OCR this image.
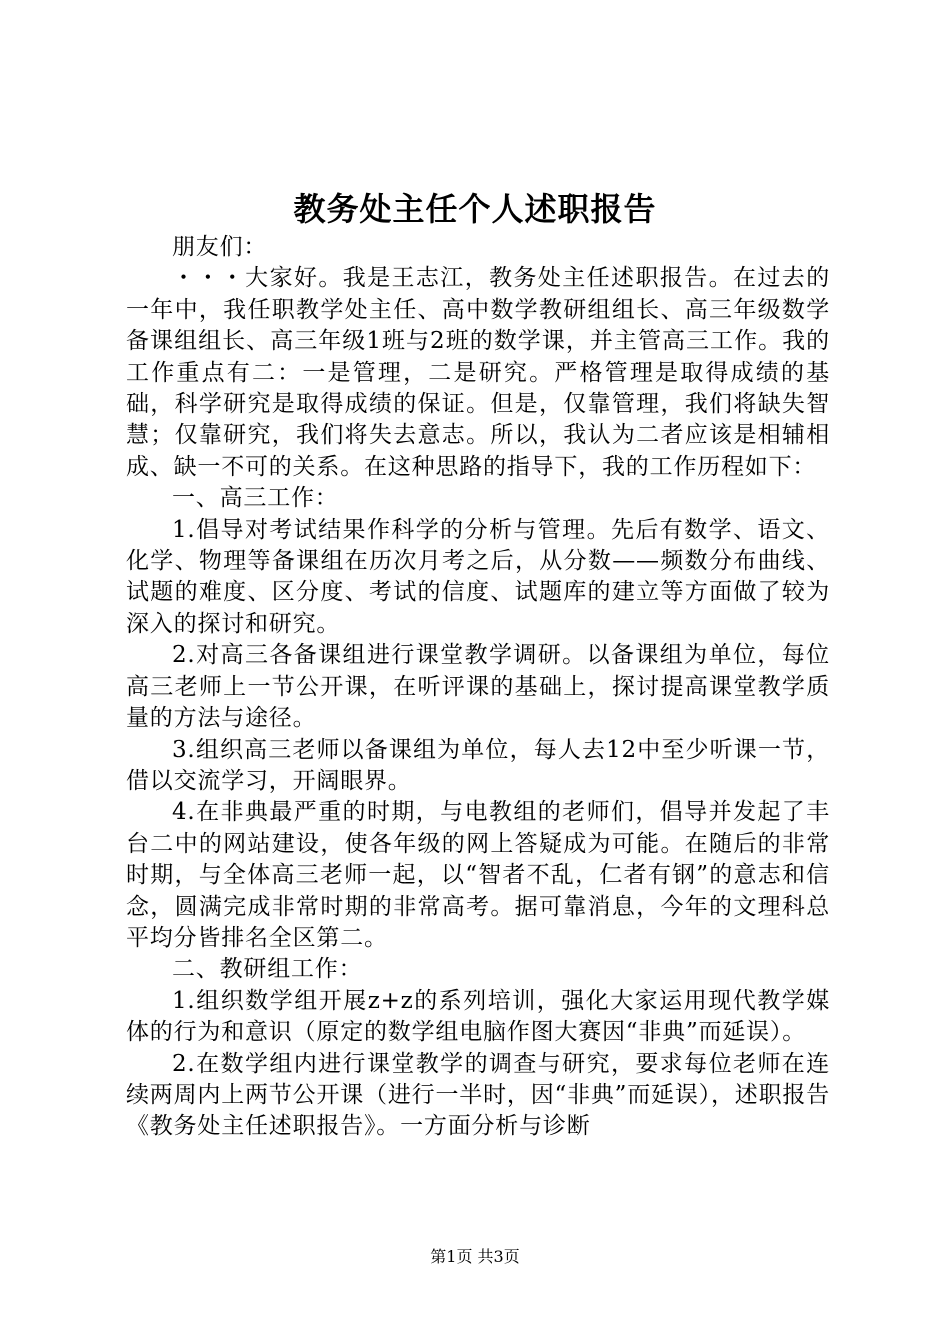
教务处主任个人述职报告

朋友们：

・・・大家好。我是王志江，教务处主任述职报告。在过去的一年中，我任职教学处主任、高中数学教研组组长、高三年级数学备课组组长、高三年级1班与2班的数学课，并主管高三工作。我的工作重点有二：一是管理，二是研究。严格管理是取得成绩的基础，科学研究是取得成绩的保证。但是，仅靠管理，我们将缺失智慧；仅靠研究，我们将失去意志。所以，我认为二者应该是相辅相成、缺一不可的关系。在这种思路的指导下，我的工作历程如下：

一、高三工作：

1.倡导对考试结果作科学的分析与管理。先后有数学、语文、化学、物理等备课组在历次月考之后，从分数——频数分布曲线、试题的难度、区分度、考试的信度、试题库的建立等方面做了较为深入的探讨和研究。

2.对高三各备课组进行课堂教学调研。以备课组为单位，每位高三老师上一节公开课，在听评课的基础上，探讨提高课堂教学质量的方法与途径。

3.组织高三老师以备课组为单位，每人去12中至少听课一节，借以交流学习，开阔眼界。

4.在非典最严重的时期，与电教组的老师们，倡导并发起了丰台二中的网站建设，使各年级的网上答疑成为可能。在随后的非常时期，与全体高三老师一起，以“智者不乱，仁者有钢”的意志和信念，圆满完成非常时期的非常高考。据可靠消息，今年的文理科总平均分皆排名全区第二。

二、教研组工作：

1.组织数学组开展z+z的系列培训，强化大家运用现代教学媒体的行为和意识（原定的数学组电脑作图大赛因“非典”而延误）。

2.在数学组内进行课堂教学的调查与研究，要求每位老师在连续两周内上两节公开课（进行一半时，因“非典”而延误），述职报告《教务处主任述职报告》。一方面分析与诊断

第1页 共3页
